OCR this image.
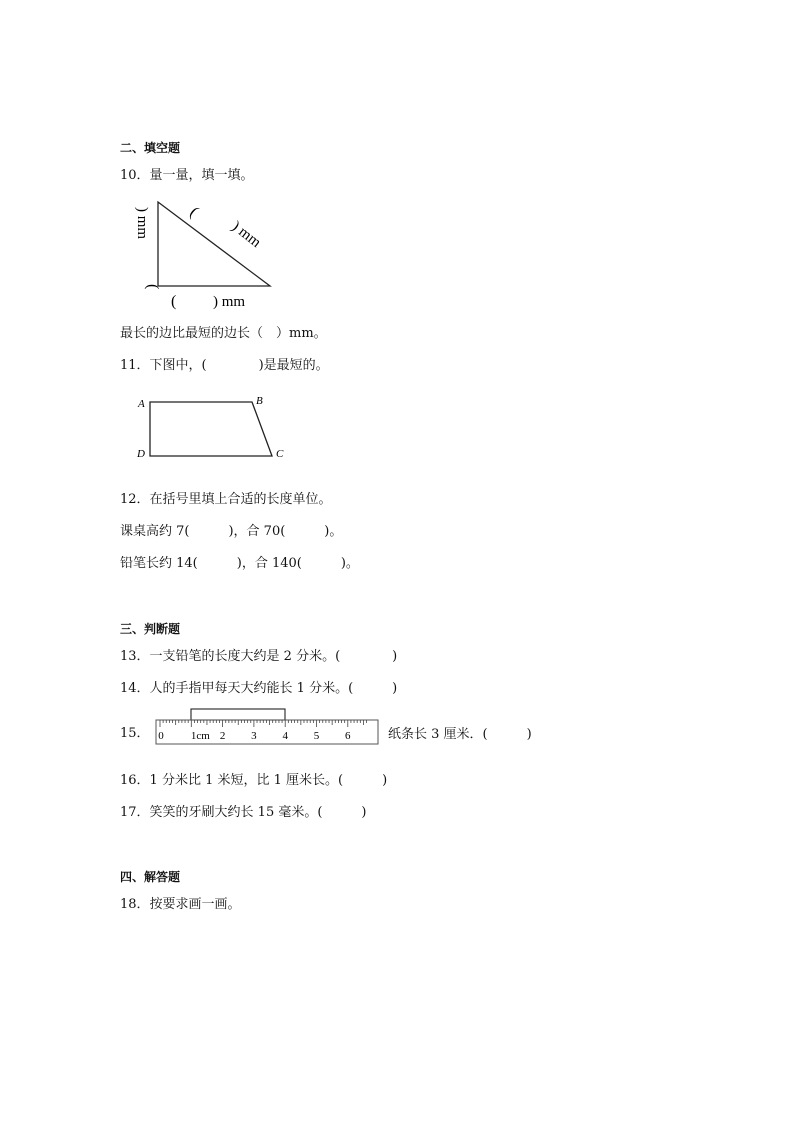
二、填空题
10．量一量，填一填。
) mm
(
(
) mm
( ) mm
最长的边比最短的边长（　）mm。
11．下图中，(　　　　)是最短的。
A	B
C
D
12．在括号里填上合适的长度单位。
课桌高约 7(　　　)，合 70(　　　)。
铅笔长约 14(　　　)，合 140(　　　)。
三、判断题
13．一支铅笔的长度大约是 2 分米。(　　　　)
14．人的手指甲每天大约能长 1 分米。(　　　)
15． 0 1cm 2 3 4 5 6	纸条长 3 厘米．(　　　)
16．1 分米比 1 米短，比 1 厘米长。(　　　)
17．笑笑的牙刷大约长 15 毫米。(　　　)
四、解答题
18．按要求画一画。
